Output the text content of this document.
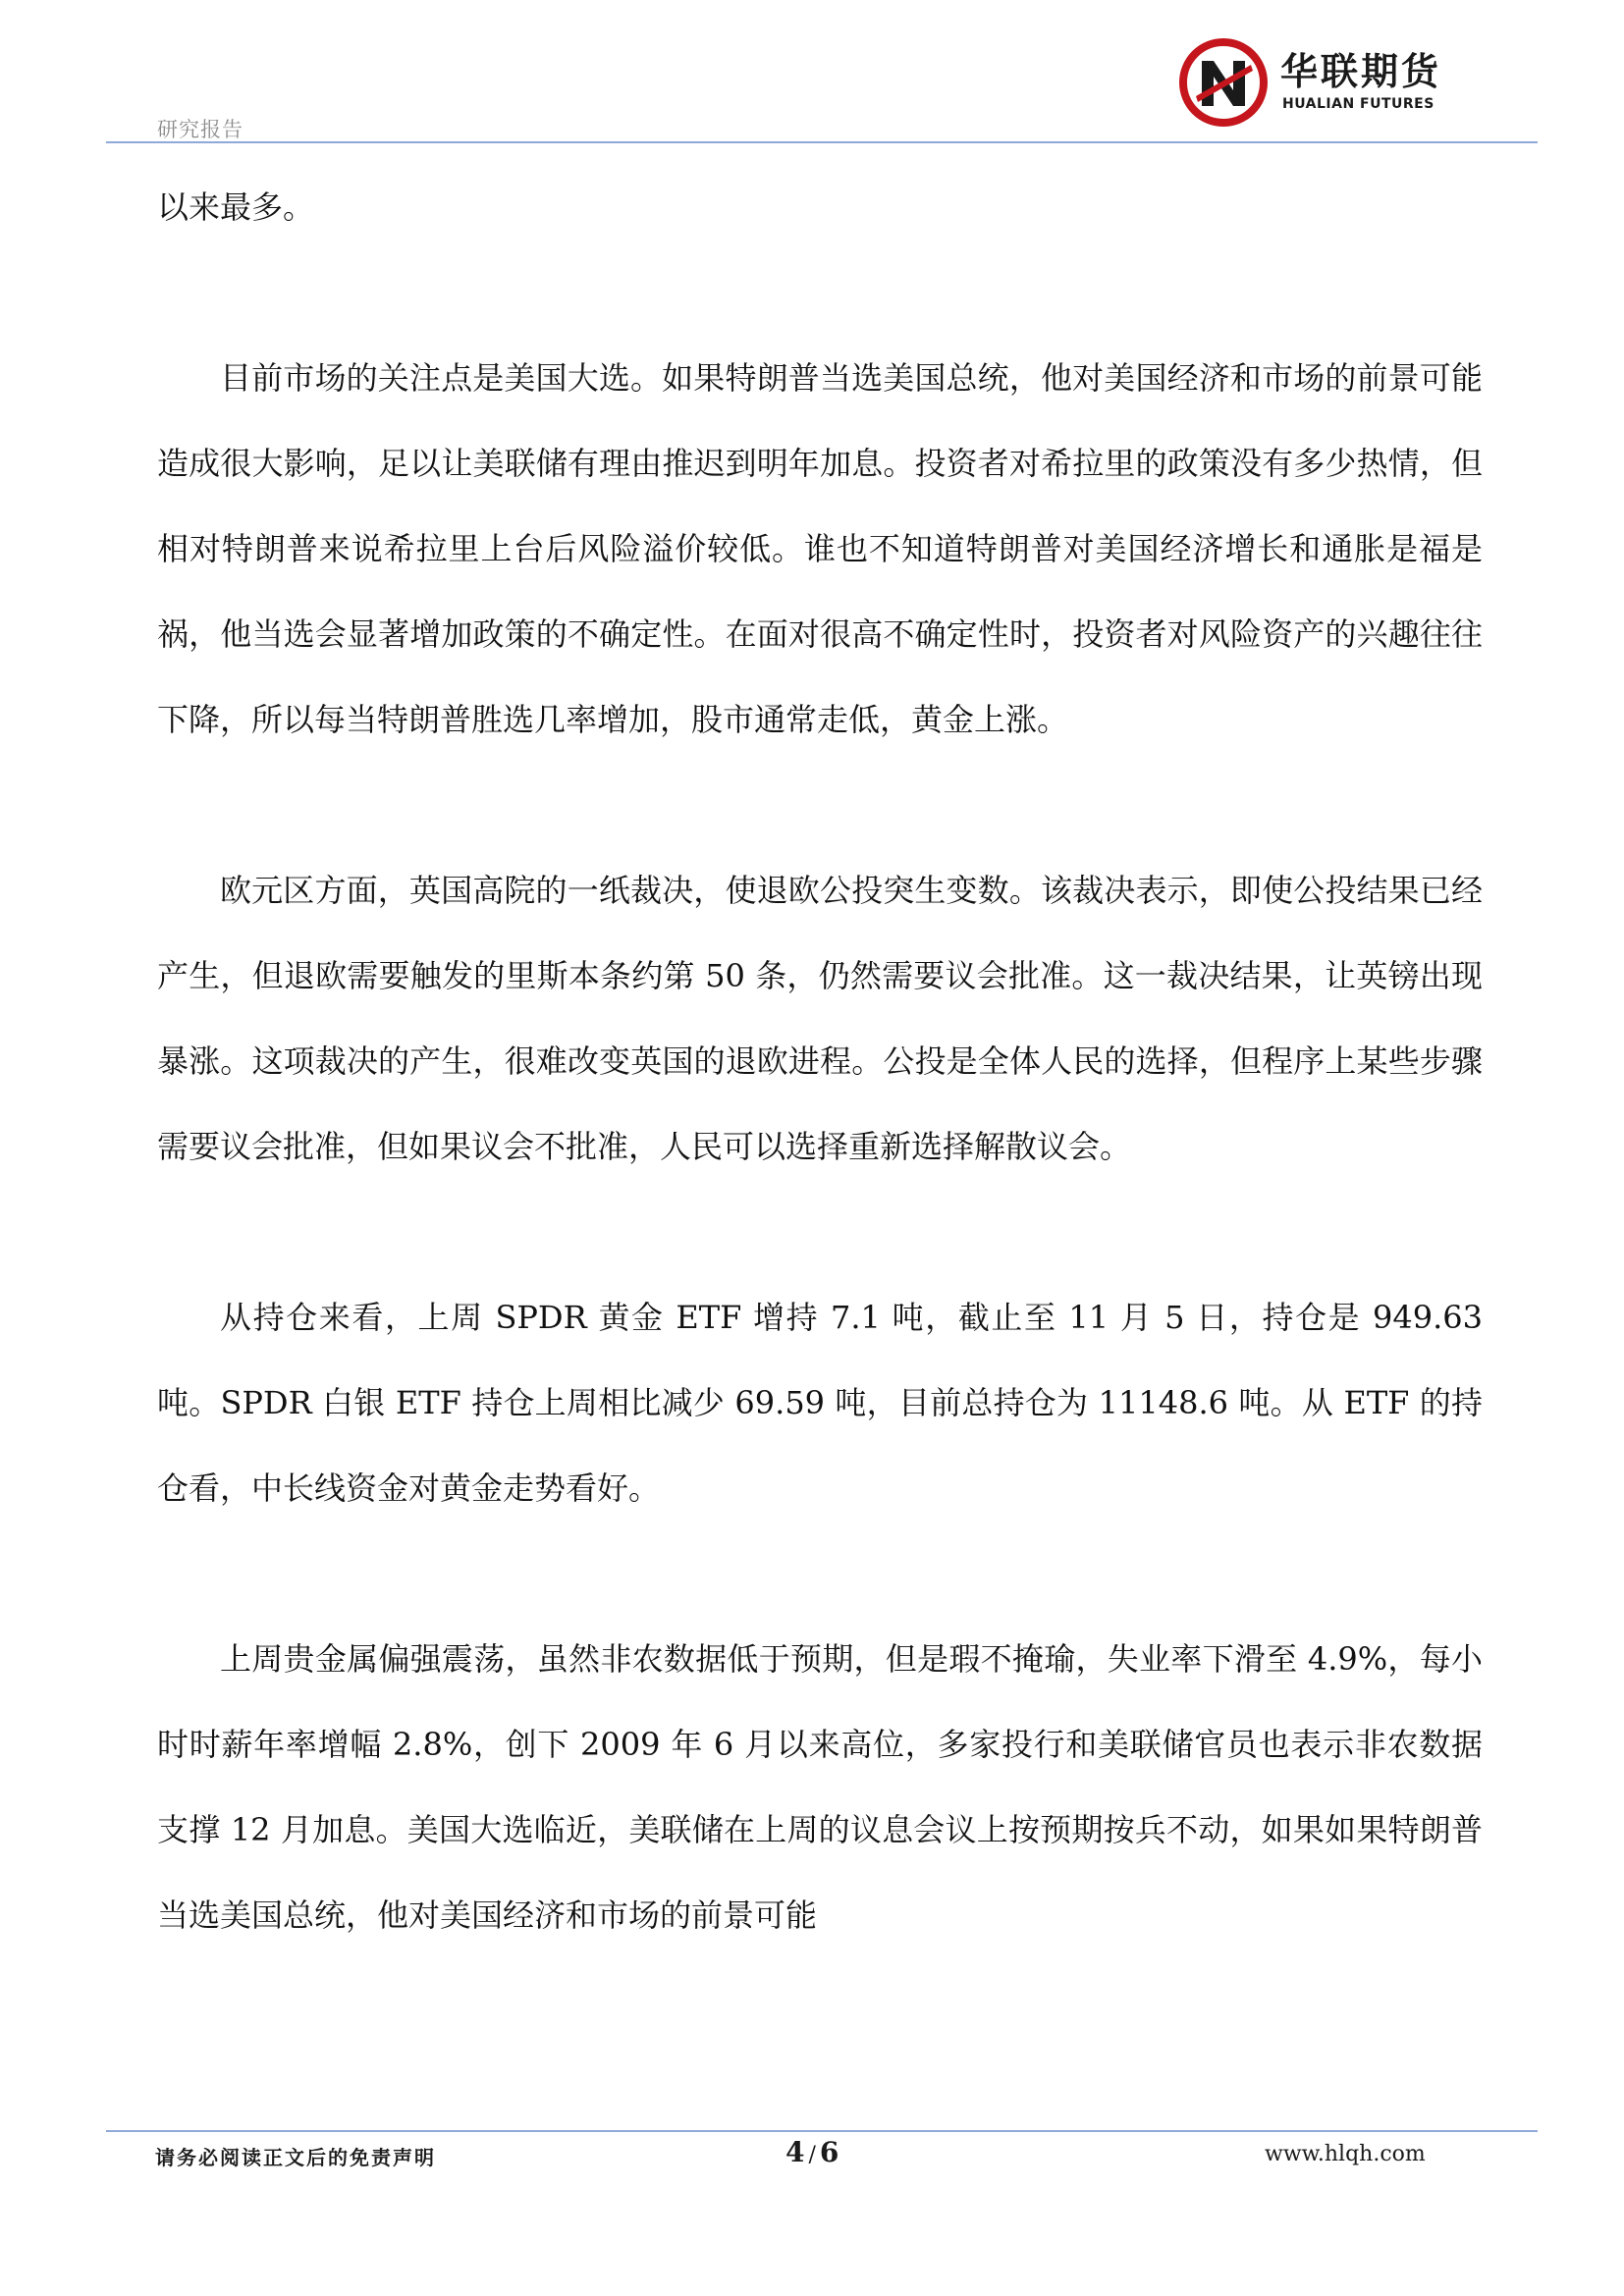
研究报告
华联期货
HUALIAN FUTURES

以来最多。

目前市场的关注点是美国大选。如果特朗普当选美国总统，他对美国经济和市场的前景可能造成很大影响，足以让美联储有理由推迟到明年加息。投资者对希拉里的政策没有多少热情，但相对特朗普来说希拉里上台后风险溢价较低。谁也不知道特朗普对美国经济增长和通胀是福是祸，他当选会显著增加政策的不确定性。在面对很高不确定性时，投资者对风险资产的兴趣往往下降，所以每当特朗普胜选几率增加，股市通常走低，黄金上涨。

欧元区方面，英国高院的一纸裁决，使退欧公投突生变数。该裁决表示，即使公投结果已经产生，但退欧需要触发的里斯本条约第 50 条，仍然需要议会批准。这一裁决结果，让英镑出现暴涨。这项裁决的产生，很难改变英国的退欧进程。公投是全体人民的选择，但程序上某些步骤需要议会批准，但如果议会不批准，人民可以选择重新选择解散议会。

从持仓来看，上周 SPDR 黄金 ETF 增持 7.1 吨，截止至 11 月 5 日，持仓是 949.63 吨。SPDR 白银 ETF 持仓上周相比减少 69.59 吨，目前总持仓为 11148.6 吨。从 ETF 的持仓看，中长线资金对黄金走势看好。

上周贵金属偏强震荡，虽然非农数据低于预期，但是瑕不掩瑜，失业率下滑至 4.9%，每小时时薪年率增幅 2.8%，创下 2009 年 6 月以来高位，多家投行和美联储官员也表示非农数据支撑 12 月加息。美国大选临近，美联储在上周的议息会议上按预期按兵不动，如果如果特朗普当选美国总统，他对美国经济和市场的前景可能

请务必阅读正文后的免责声明	4 / 6	www.hlqh.com
